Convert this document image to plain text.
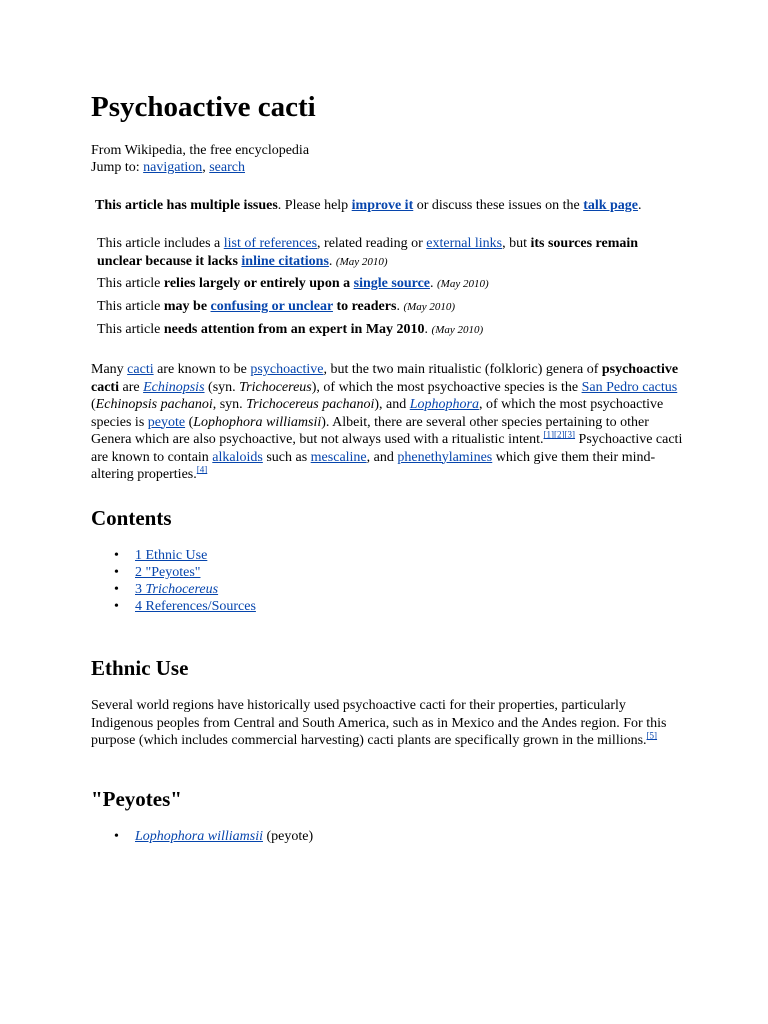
Psychoactive cacti
From Wikipedia, the free encyclopedia
Jump to: navigation, search
This article has multiple issues. Please help improve it or discuss these issues on the talk page.
This article includes a list of references, related reading or external links, but its sources remain unclear because it lacks inline citations. (May 2010)
This article relies largely or entirely upon a single source. (May 2010)
This article may be confusing or unclear to readers. (May 2010)
This article needs attention from an expert in May 2010. (May 2010)
Many cacti are known to be psychoactive, but the two main ritualistic (folkloric) genera of psychoactive cacti are Echinopsis (syn. Trichocereus), of which the most psychoactive species is the San Pedro cactus (Echinopsis pachanoi, syn. Trichocereus pachanoi), and Lophophora, of which the most psychoactive species is peyote (Lophophora williamsii). Albeit, there are several other species pertaining to other Genera which are also psychoactive, but not always used with a ritualistic intent.[1][2][3] Psychoactive cacti are known to contain alkaloids such as mescaline, and phenethylamines which give them their mind-altering properties.[4]
Contents
• 1 Ethnic Use
• 2 "Peyotes"
• 3 Trichocereus
• 4 References/Sources
Ethnic Use
Several world regions have historically used psychoactive cacti for their properties, particularly Indigenous peoples from Central and South America, such as in Mexico and the Andes region. For this purpose (which includes commercial harvesting) cacti plants are specifically grown in the millions.[5]
"Peyotes"
• Lophophora williamsii (peyote)
